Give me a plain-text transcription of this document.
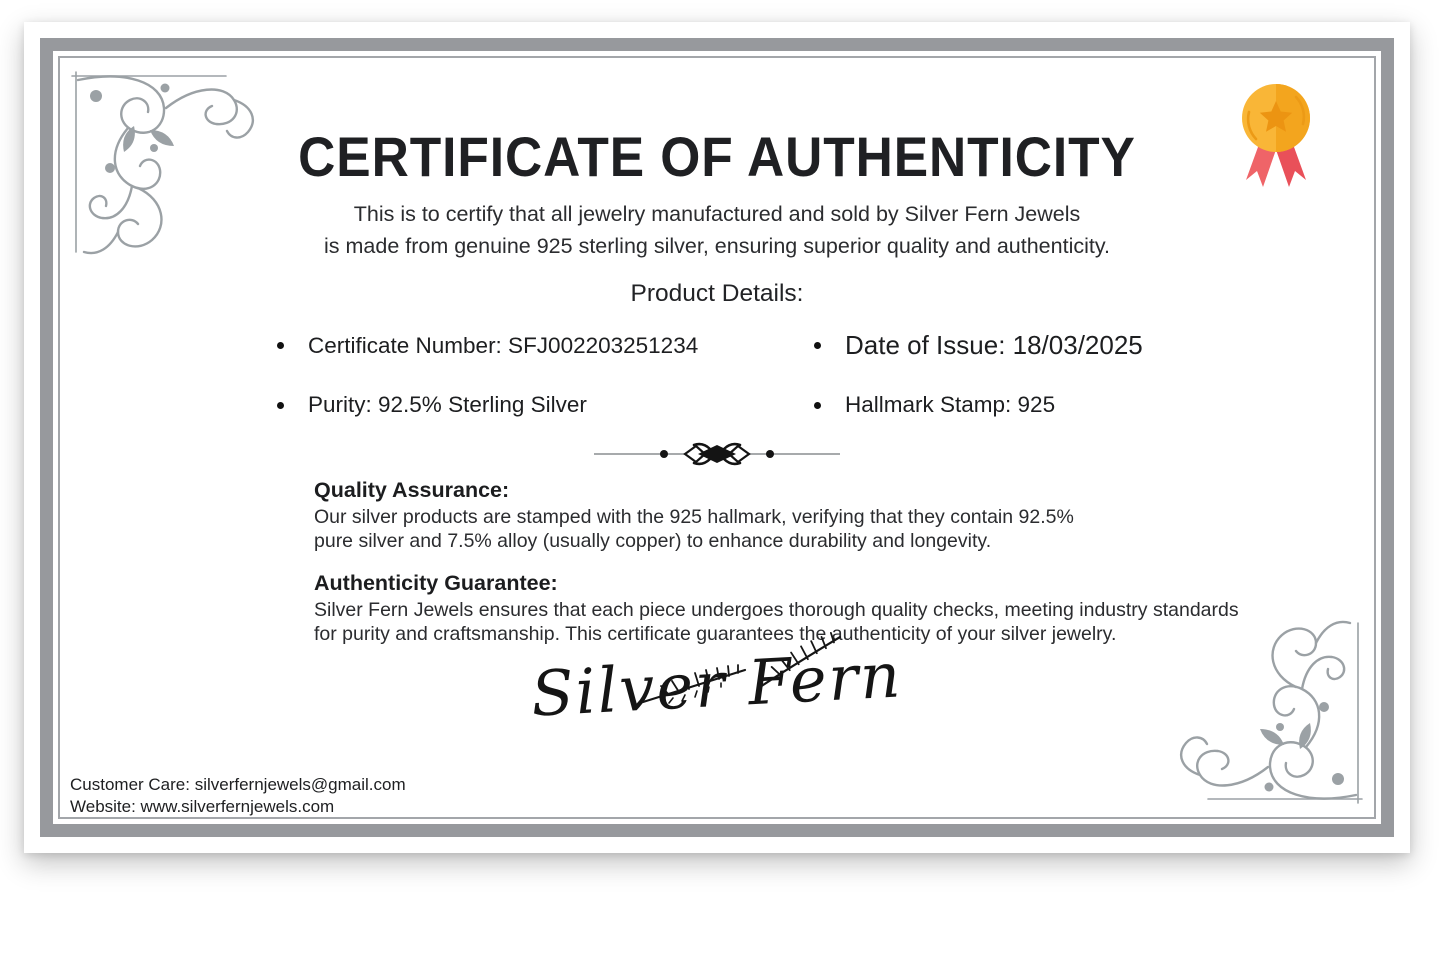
CERTIFICATE OF AUTHENTICITY
This is to certify that all jewelry manufactured and sold by Silver Fern Jewels
is made from genuine 925 sterling silver, ensuring superior quality and authenticity.
Product Details:
Certificate Number: SFJ002203251234	Date of Issue: 18/03/2025
Purity: 92.5% Sterling Silver	Hallmark Stamp: 925
Quality Assurance:

Our silver products are stamped with the 925 hallmark, verifying that they contain 92.5%
pure silver and 7.5% alloy (usually copper) to enhance durability and longevity.

Authenticity Guarantee:

Silver Fern Jewels ensures that each piece undergoes thorough quality checks, meeting industry standards
for purity and craftsmanship. This certificate guarantees the authenticity of your silver jewelry.

Silver Fern
Customer Care: silverfernjewels@gmail.com
Website: www.silverfernjewels.com
